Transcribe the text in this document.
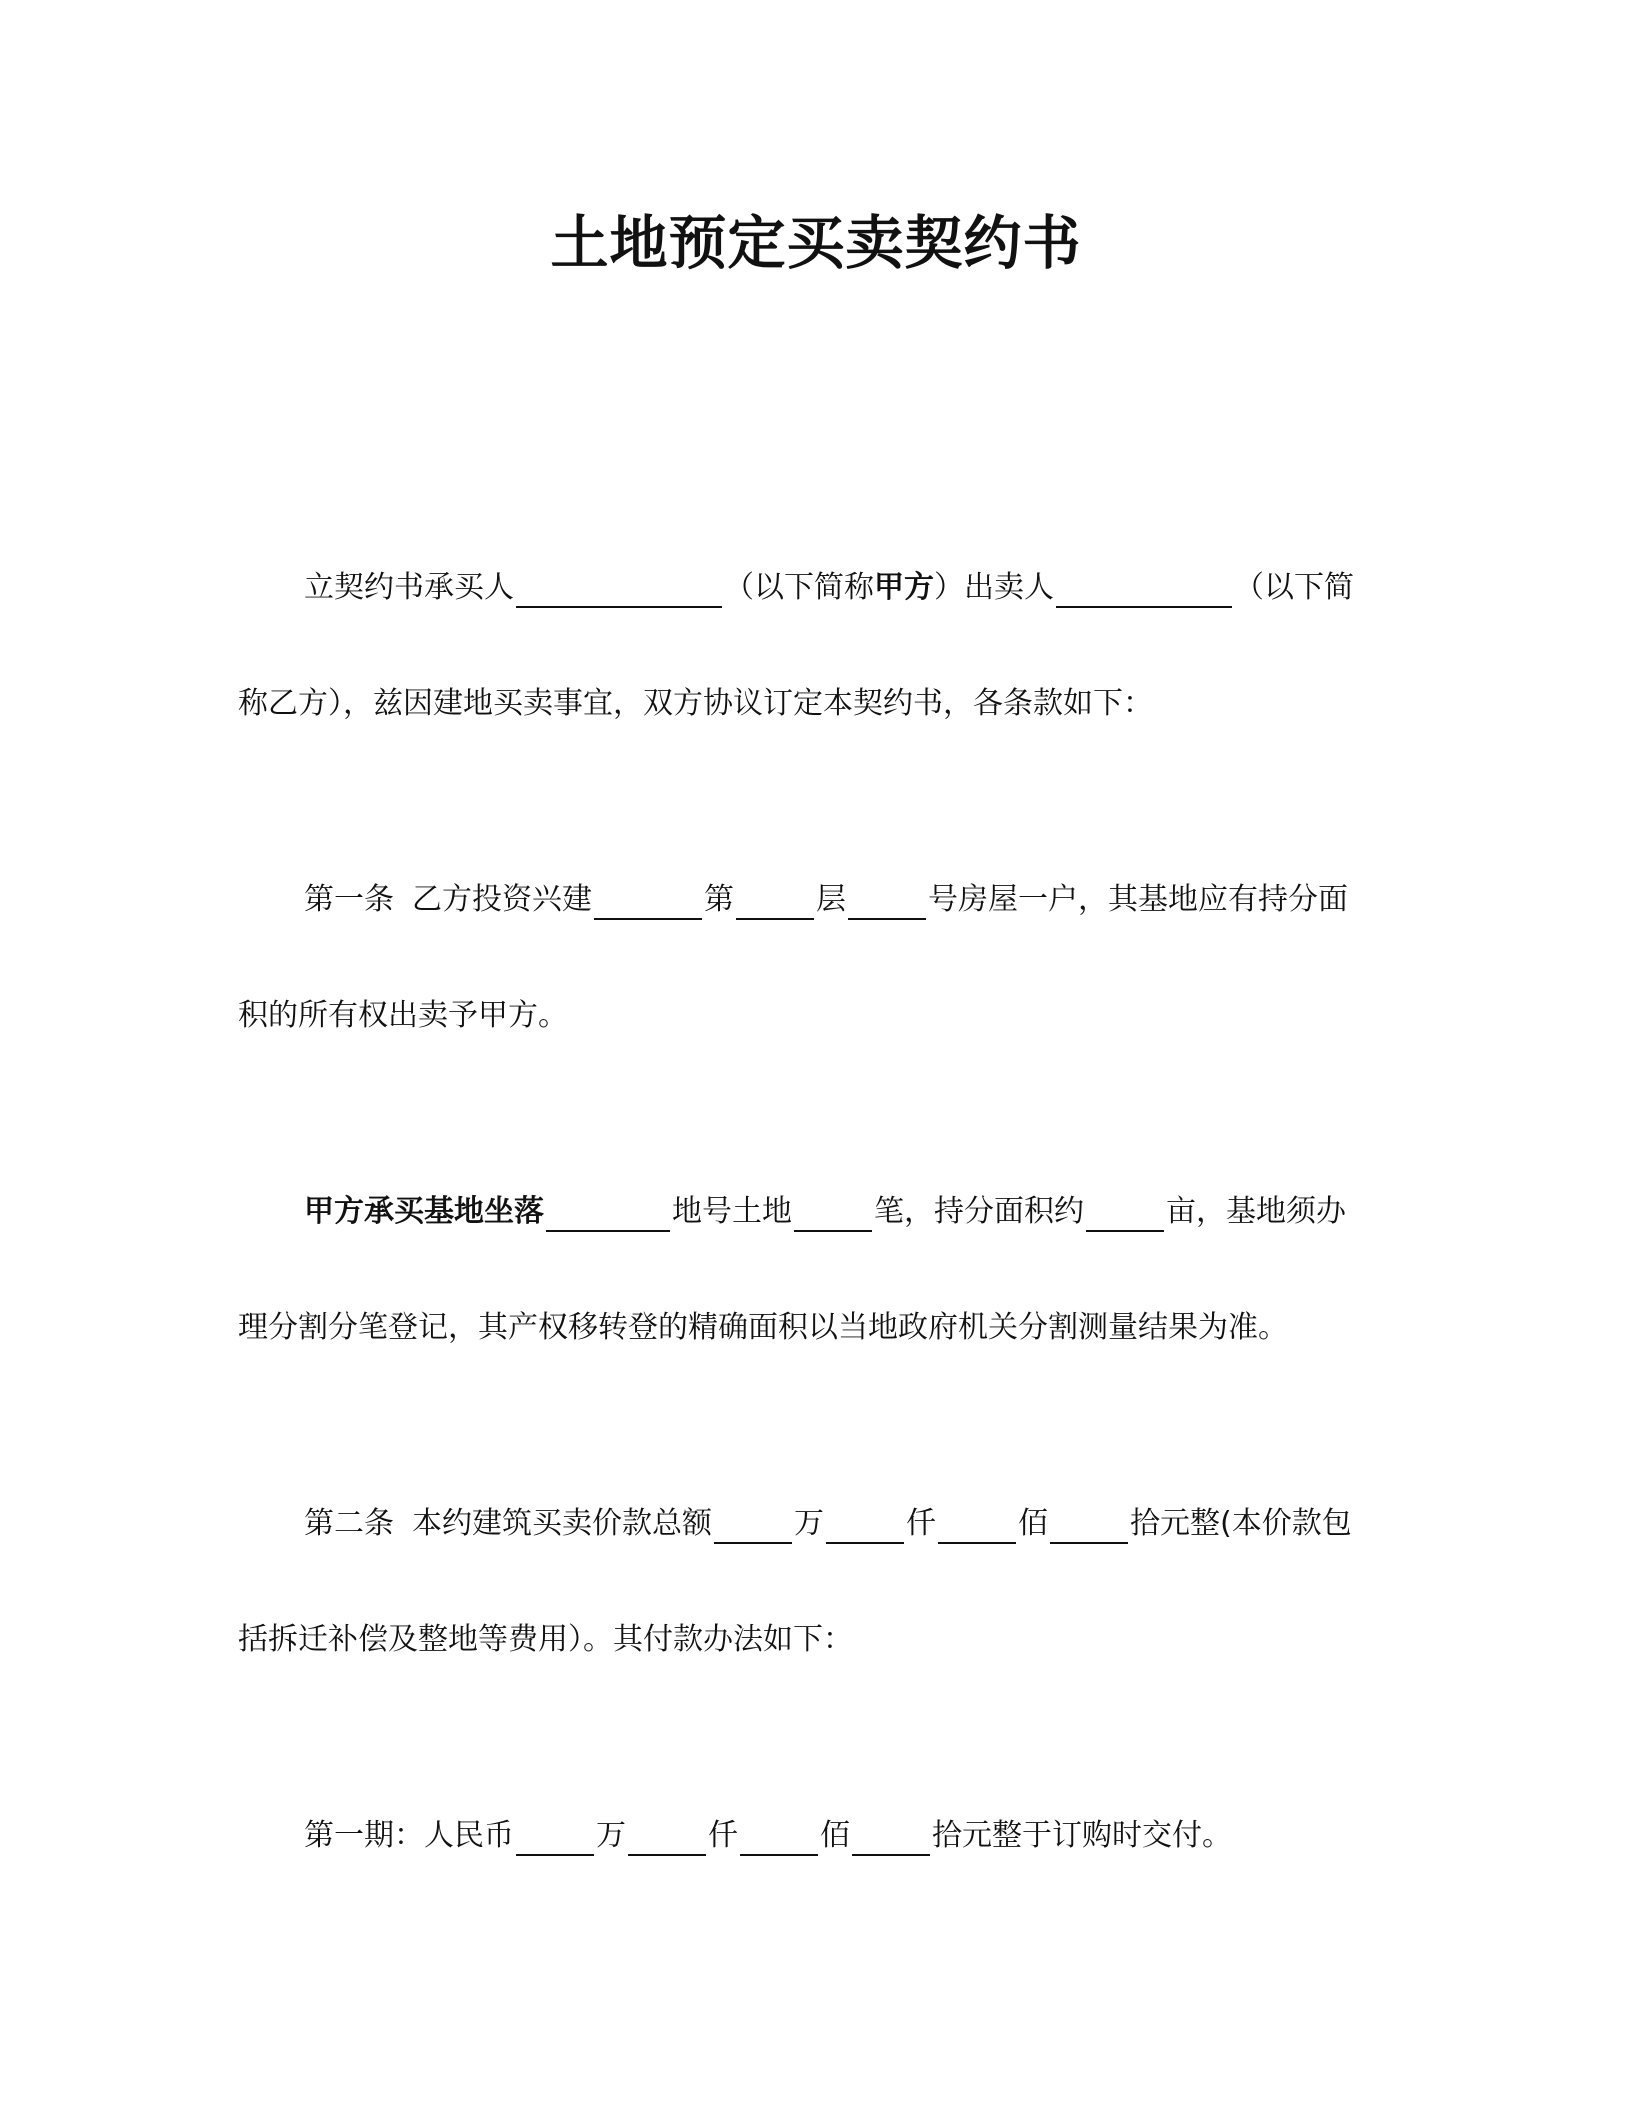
土地预定买卖契约书
立契约书承买人	（以下简称 甲方 ）出卖人	（以下简
称乙方），兹因建地买卖事宜，双方协议订定本契约书，各条款如下：
第一条 乙方投资兴建	第	层	号房屋一户，其基地应有持分面
积的所有权出卖予甲方。
甲方承买基地坐落	地号土地	笔，持分面积约	亩，基地须办
理分割分笔登记，其产权移转登的精确面积以当地政府机关分割测量结果为准。
第二条 本约建筑买卖价款总额	万	仟	佰	拾元整(本价款包
括拆迁补偿及整地等费用）。其付款办法如下：
第一期：人民币	万	仟	佰	拾元整于订购时交付。
